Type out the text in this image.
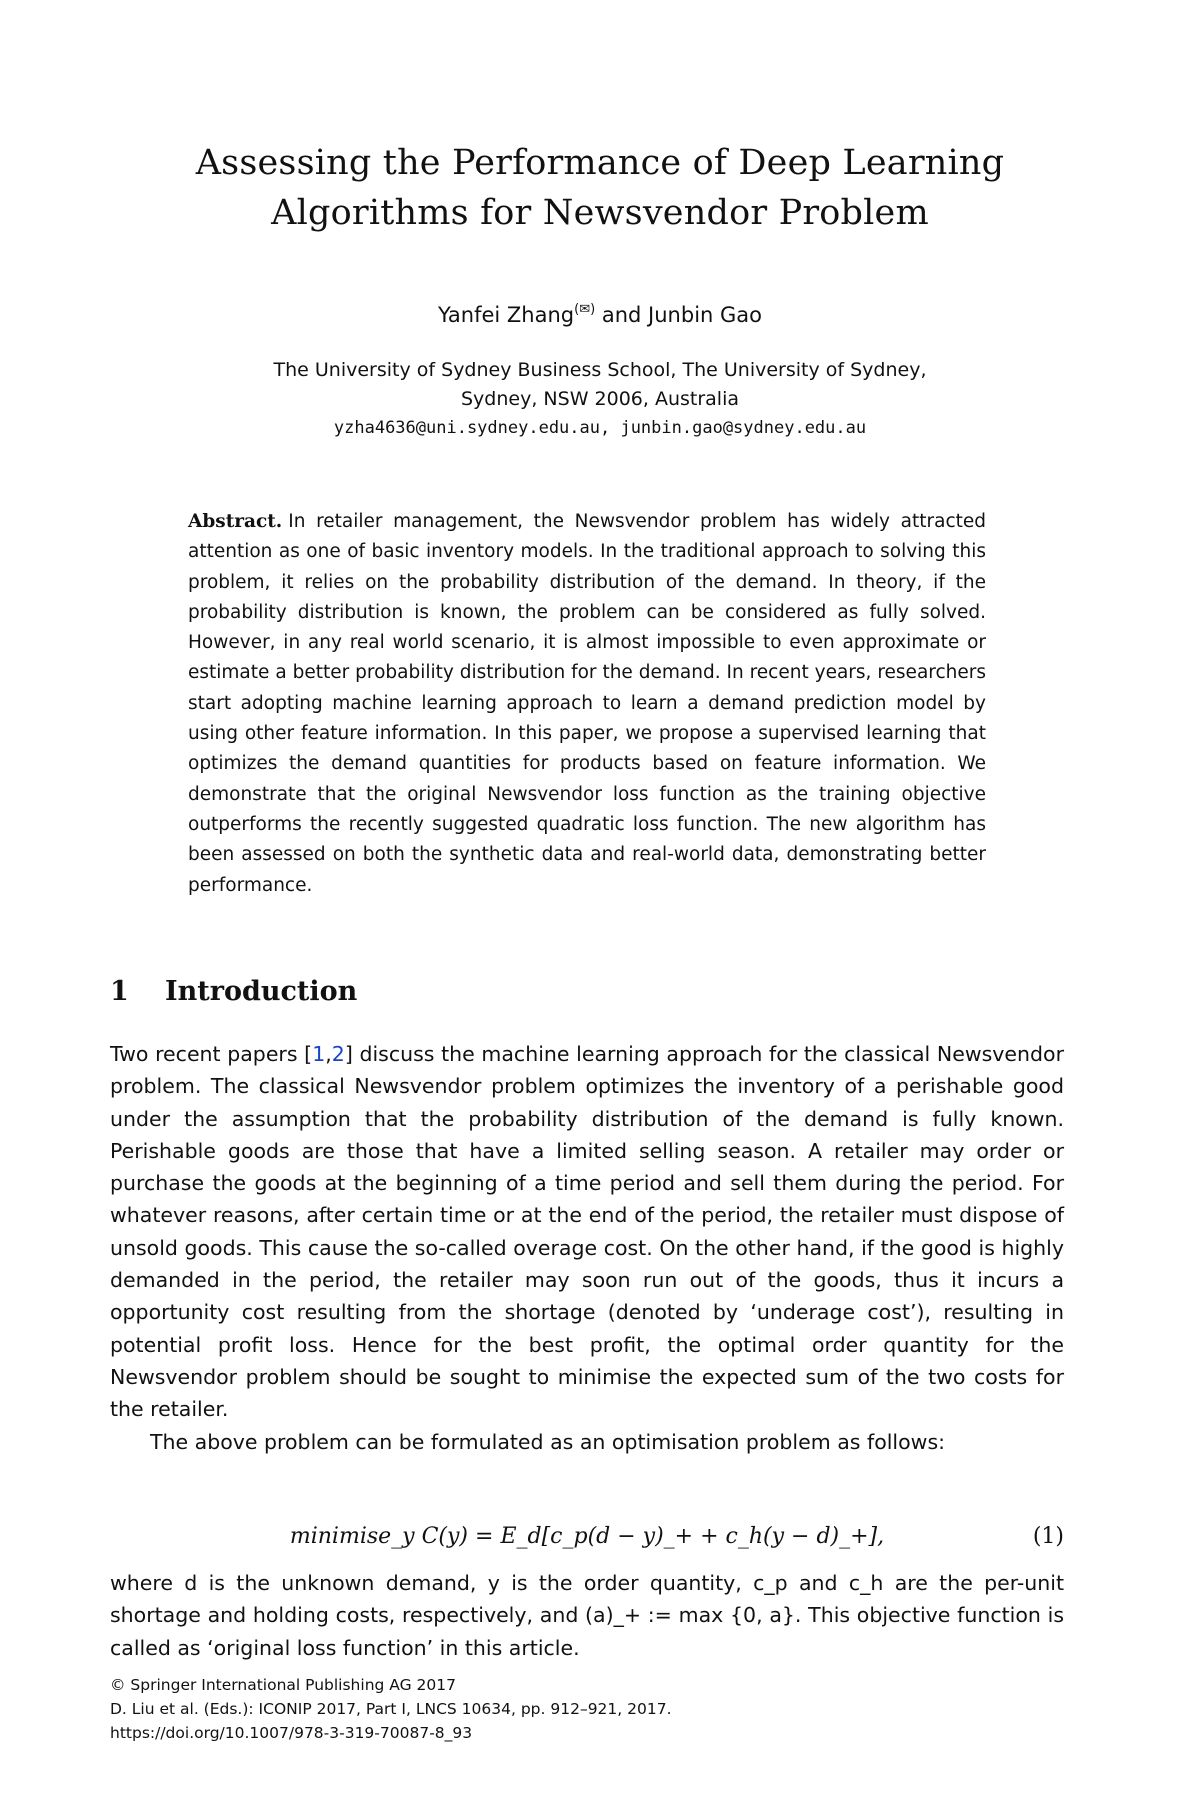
Assessing the Performance of Deep Learning
Algorithms for Newsvendor Problem
Yanfei Zhang(✉) and Junbin Gao
The University of Sydney Business School, The University of Sydney,
Sydney, NSW 2006, Australia
yzha4636@uni.sydney.edu.au, junbin.gao@sydney.edu.au
Abstract. In retailer management, the Newsvendor problem has widely attracted attention as one of basic inventory models. In the traditional approach to solving this problem, it relies on the probability distribution of the demand. In theory, if the probability distribution is known, the problem can be considered as fully solved. However, in any real world scenario, it is almost impossible to even approximate or estimate a better probability distribution for the demand. In recent years, researchers start adopting machine learning approach to learn a demand prediction model by using other feature information. In this paper, we propose a supervised learning that optimizes the demand quantities for products based on feature information. We demonstrate that the original Newsvendor loss function as the training objective outperforms the recently suggested quadratic loss function. The new algorithm has been assessed on both the synthetic data and real-world data, demonstrating better performance.
1 Introduction

Two recent papers [1,2] discuss the machine learning approach for the classical Newsvendor problem. The classical Newsvendor problem optimizes the inventory of a perishable good under the assumption that the probability distribution of the demand is fully known. Perishable goods are those that have a limited selling season. A retailer may order or purchase the goods at the beginning of a time period and sell them during the period. For whatever reasons, after certain time or at the end of the period, the retailer must dispose of unsold goods. This cause the so-called overage cost. On the other hand, if the good is highly demanded in the period, the retailer may soon run out of the goods, thus it incurs a opportunity cost resulting from the shortage (denoted by ‘underage cost’), resulting in potential profit loss. Hence for the best profit, the optimal order quantity for the Newsvendor problem should be sought to minimise the expected sum of the two costs for the retailer.

The above problem can be formulated as an optimisation problem as follows:

minimise_y C(y) = E_d[c_p(d − y)_+ + c_h(y − d)_+],	(1)
where d is the unknown demand, y is the order quantity, c_p and c_h are the per-unit shortage and holding costs, respectively, and (a)_+ := max {0, a}. This objective function is called as ‘original loss function’ in this article.
© Springer International Publishing AG 2017
D. Liu et al. (Eds.): ICONIP 2017, Part I, LNCS 10634, pp. 912–921, 2017.
https://doi.org/10.1007/978-3-319-70087-8_93
